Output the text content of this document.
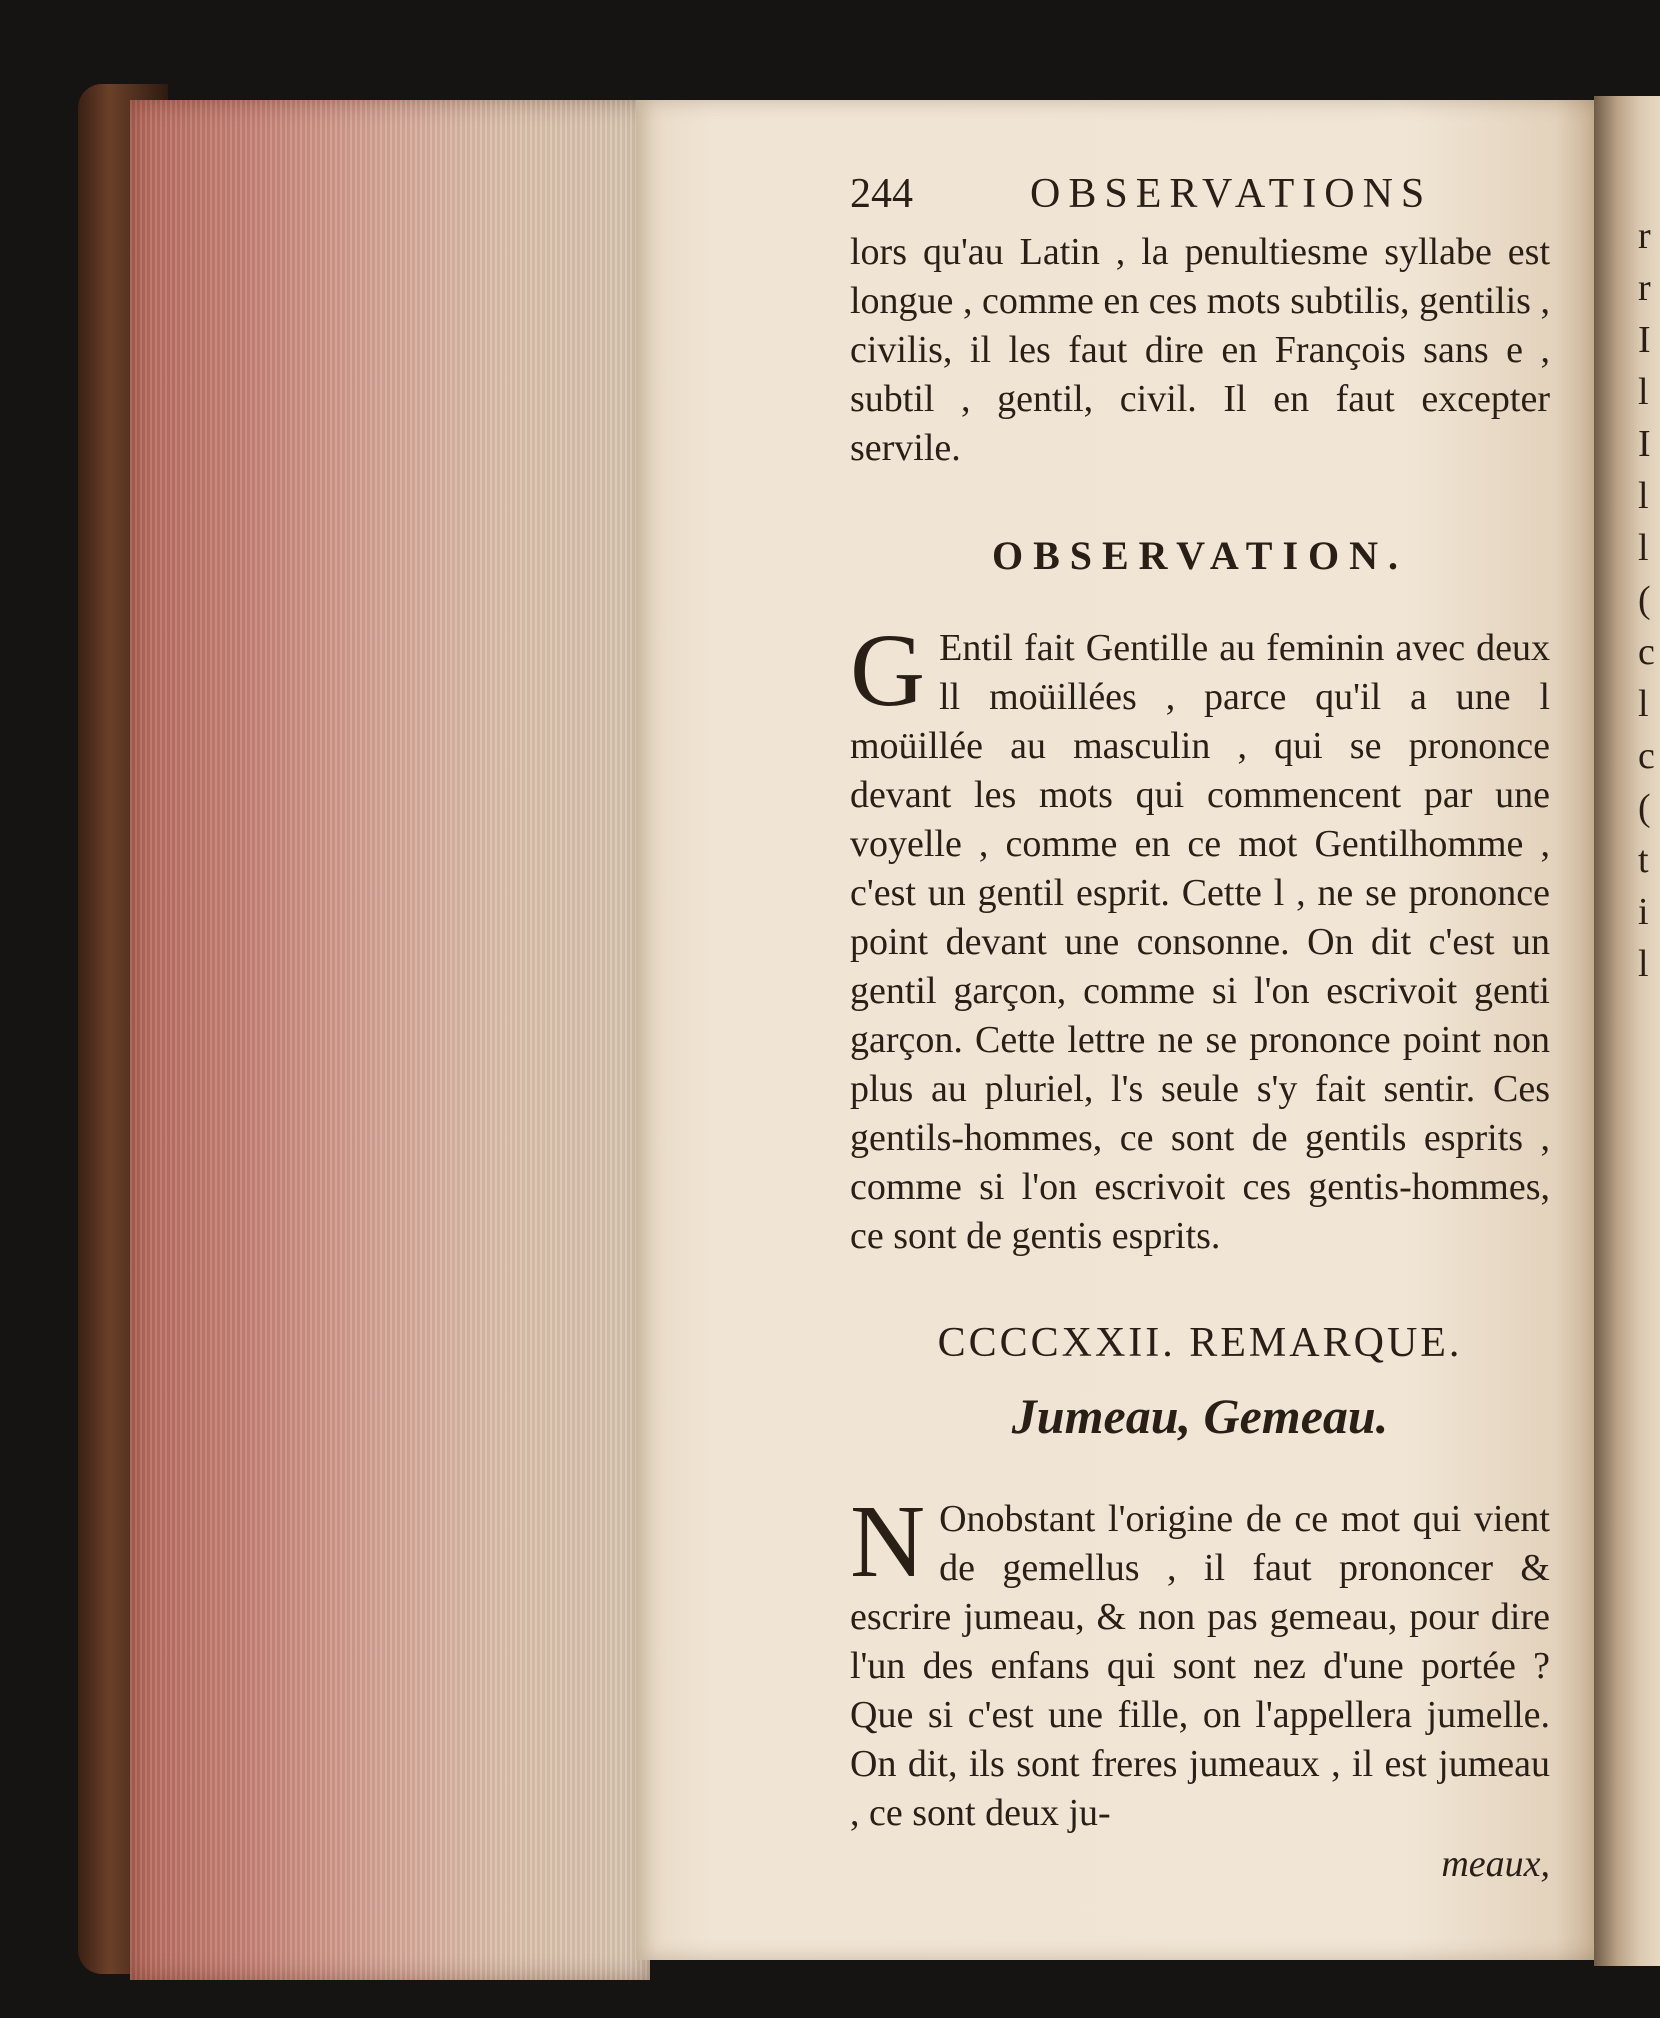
244	OBSERVATIONS

lors qu'au Latin , la penultiesme syllabe est longue , comme en ces mots subtilis, gentilis , civilis, il les faut dire en François sans e , subtil , gentil, civil. Il en faut excepter servile.

OBSERVATION.
G Entil fait Gentille au feminin avec deux ll moüillées , parce qu'il a une l moüillée au masculin , qui se prononce devant les mots qui commencent par une voyelle , comme en ce mot Gentilhomme , c'est un gentil esprit. Cette l , ne se prononce point devant une consonne. On dit c'est un gentil garçon, comme si l'on escrivoit genti garçon. Cette lettre ne se prononce point non plus au pluriel, l's seule s'y fait sentir. Ces gentils-hommes, ce sont de gentils esprits , comme si l'on escrivoit ces gentis-hommes, ce sont de gentis esprits.

CCCCXXII. REMARQUE.
Jumeau, Gemeau.
N Onobstant l'origine de ce mot qui vient de gemellus , il faut prononcer & escrire jumeau, & non pas gemeau, pour dire l'un des enfans qui sont nez d'une portée ? Que si c'est une fille, on l'appellera jumelle. On dit, ils sont freres jumeaux , il est jumeau , ce sont deux ju-

meaux,
r
r
I
l
I
l
l
(
c
l
c
(
t
i
l
